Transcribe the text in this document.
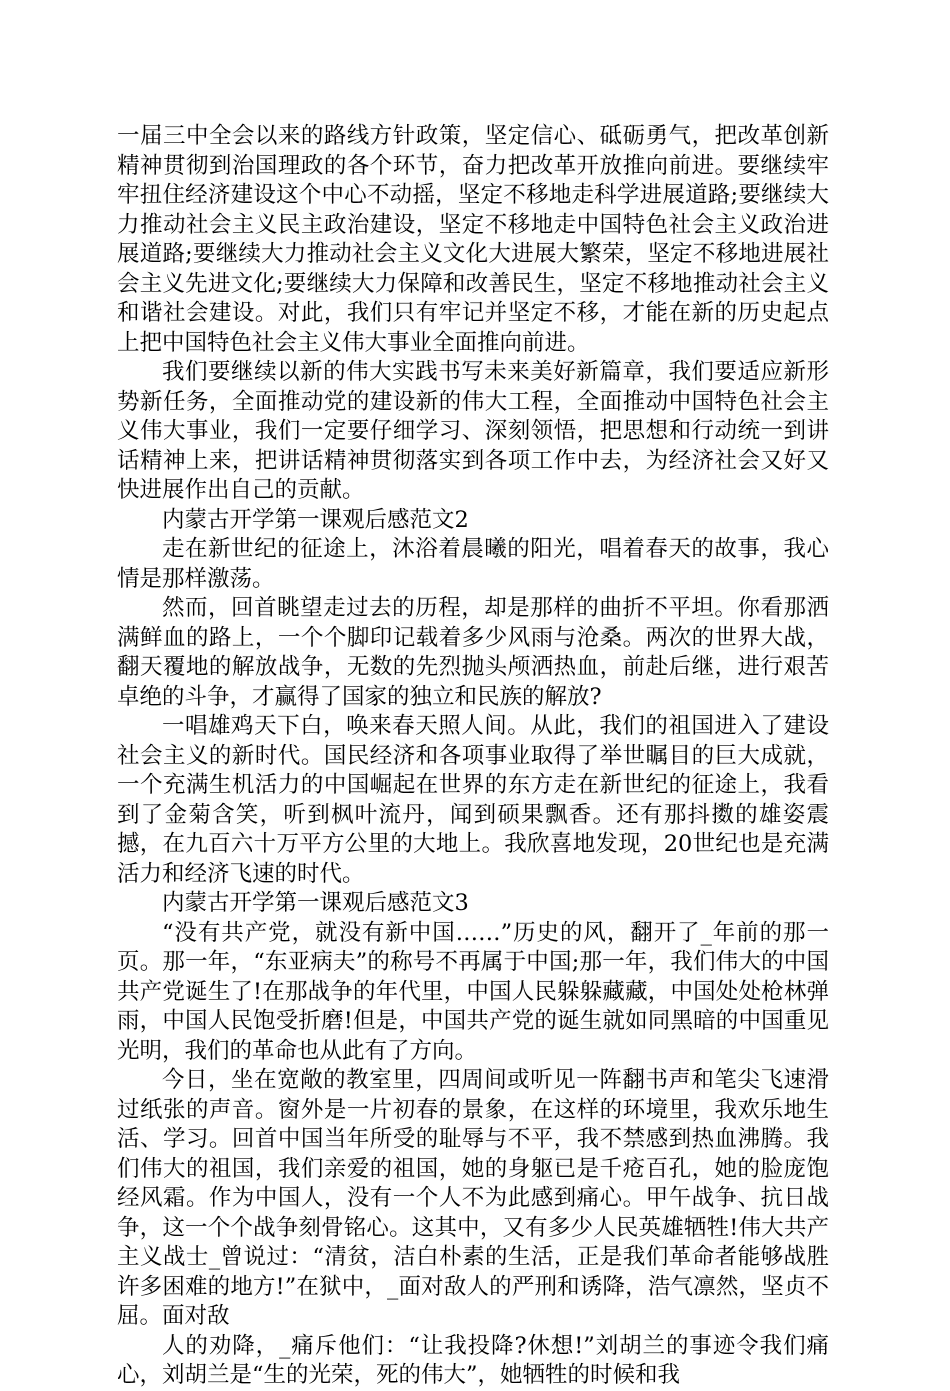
一届三中全会以来的路线方针政策，坚定信心、砥砺勇气，把改革创新精神贯彻到治国理政的各个环节，奋力把改革开放推向前进。要继续牢牢扭住经济建设这个中心不动摇，坚定不移地走科学进展道路;要继续大力推动社会主义民主政治建设，坚定不移地走中国特色社会主义政治进展道路;要继续大力推动社会主义文化大进展大繁荣，坚定不移地进展社会主义先进文化;要继续大力保障和改善民生，坚定不移地推动社会主义和谐社会建设。对此，我们只有牢记并坚定不移，才能在新的历史起点上把中国特色社会主义伟大事业全面推向前进。

我们要继续以新的伟大实践书写未来美好新篇章，我们要适应新形势新任务，全面推动党的建设新的伟大工程，全面推动中国特色社会主义伟大事业，我们一定要仔细学习、深刻领悟，把思想和行动统一到讲话精神上来，把讲话精神贯彻落实到各项工作中去，为经济社会又好又快进展作出自己的贡献。

内蒙古开学第一课观后感范文2

走在新世纪的征途上，沐浴着晨曦的阳光，唱着春天的故事，我心情是那样激荡。

然而，回首眺望走过去的历程，却是那样的曲折不平坦。你看那洒满鲜血的路上，一个个脚印记载着多少风雨与沧桑。两次的世界大战，翻天覆地的解放战争，无数的先烈抛头颅洒热血，前赴后继，进行艰苦卓绝的斗争，才赢得了国家的独立和民族的解放?

一唱雄鸡天下白，唤来春天照人间。从此，我们的祖国进入了建设社会主义的新时代。国民经济和各项事业取得了举世瞩目的巨大成就，一个充满生机活力的中国崛起在世界的东方走在新世纪的征途上，我看到了金菊含笑，听到枫叶流丹，闻到硕果飘香。还有那抖擞的雄姿震撼，在九百六十万平方公里的大地上。我欣喜地发现，20世纪也是充满活力和经济飞速的时代。

内蒙古开学第一课观后感范文3

“没有共产党，就没有新中国……”历史的风，翻开了_年前的那一页。那一年，“东亚病夫”的称号不再属于中国;那一年，我们伟大的中国共产党诞生了!在那战争的年代里，中国人民躲躲藏藏，中国处处枪林弹雨，中国人民饱受折磨!但是，中国共产党的诞生就如同黑暗的中国重见光明，我们的革命也从此有了方向。

今日，坐在宽敞的教室里，四周间或听见一阵翻书声和笔尖飞速滑过纸张的声音。窗外是一片初春的景象，在这样的环境里，我欢乐地生活、学习。回首中国当年所受的耻辱与不平，我不禁感到热血沸腾。我们伟大的祖国，我们亲爱的祖国，她的身躯已是千疮百孔，她的脸庞饱经风霜。作为中国人，没有一个人不为此感到痛心。甲午战争、抗日战争，这一个个战争刻骨铭心。这其中，又有多少人民英雄牺牲!伟大共产主义战士_曾说过：“清贫，洁白朴素的生活，正是我们革命者能够战胜许多困难的地方!”在狱中，_面对敌人的严刑和诱降，浩气凛然，坚贞不屈。面对敌

人的劝降，_痛斥他们：“让我投降?休想!”刘胡兰的事迹令我们痛心，刘胡兰是“生的光荣，死的伟大”，她牺牲的时候和我
